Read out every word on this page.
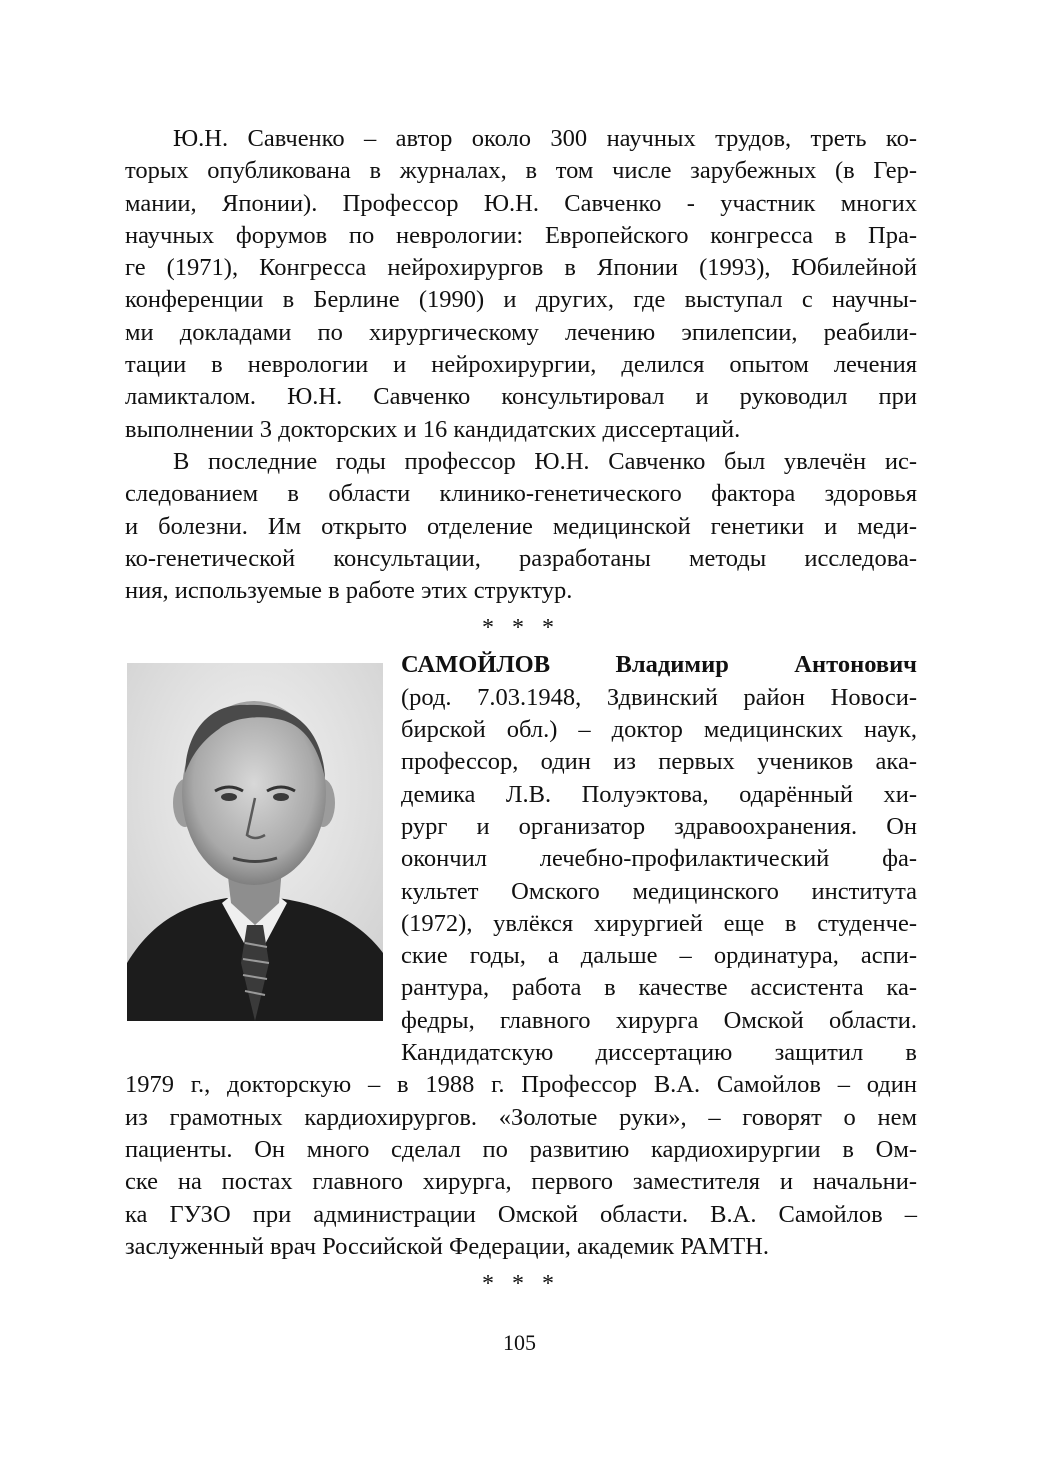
Ю.Н. Савченко – автор около 300 научных трудов, треть ко-
торых опубликована в журналах, в том числе зарубежных (в Гер-
мании, Японии). Профессор Ю.Н. Савченко - участник многих
научных форумов по неврологии: Европейского конгресса в Пра-
ге (1971), Конгресса нейрохирургов в Японии (1993), Юбилейной
конференции в Берлине (1990) и других, где выступал с научны-
ми докладами по хирургическому лечению эпилепсии, реабили-
тации в неврологии и нейрохирургии, делился опытом лечения
ламикталом. Ю.Н. Савченко консультировал и руководил при
выполнении 3 докторских и 16 кандидатских диссертаций.
В последние годы профессор Ю.Н. Савченко был увлечён ис-
следованием в области клинико-генетического фактора здоровья
и болезни. Им открыто отделение медицинской генетики и меди-
ко-генетической консультации, разработаны методы исследова-
ния, используемые в работе этих структур.
* * *
САМОЙЛОВ	Владимир Антонович
(род. 7.03.1948, Здвинский район Новоси-
бирской обл.) – доктор медицинских наук,
профессор, один из первых учеников ака-
демика Л.В. Полуэктова, одарённый хи-
рург и организатор здравоохранения. Он
окончил лечебно-профилактический фа-
культет Омского медицинского института
(1972), увлёкся хирургией еще в студенче-
ские годы, а дальше – ординатура, аспи-
рантура, работа в качестве ассистента ка-
федры, главного хирурга Омской области.
Кандидатскую диссертацию защитил в
1979 г., докторскую – в 1988 г. Профессор В.А. Самойлов – один
из грамотных кардиохирургов. «Золотые руки», – говорят о нем
пациенты. Он много сделал по развитию кардиохирургии в Ом-
ске на постах главного хирурга, первого заместителя и начальни-
ка ГУЗО при администрации Омской области. В.А. Самойлов –
заслуженный врач Российской Федерации, академик РАМТН.
* * *
105
